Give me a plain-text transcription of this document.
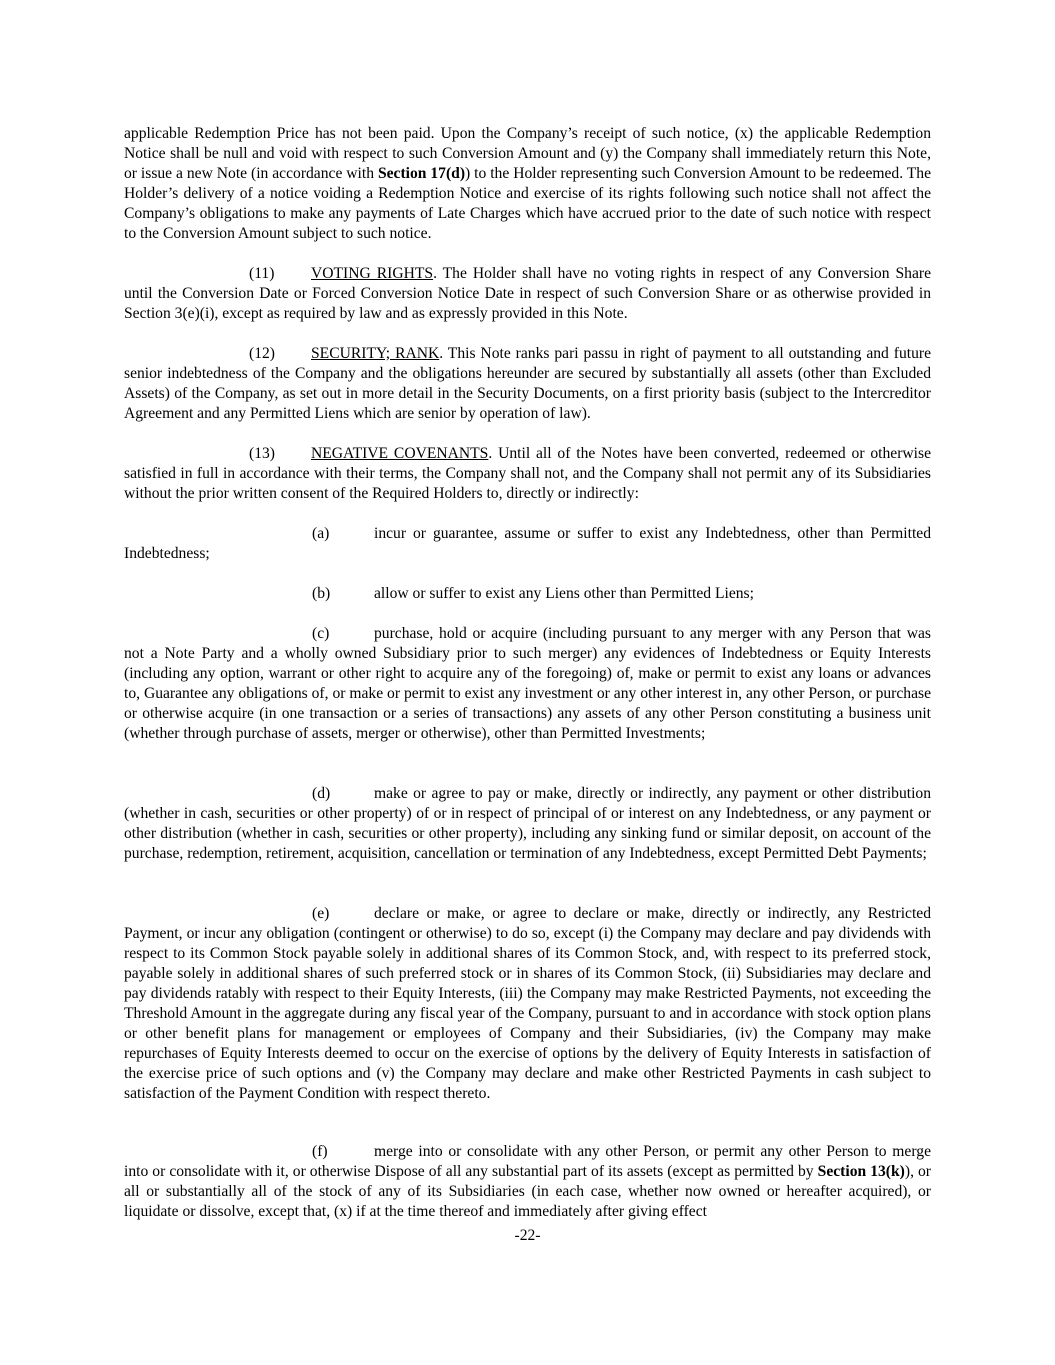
applicable Redemption Price has not been paid. Upon the Company’s receipt of such notice, (x) the applicable Redemption Notice shall be null and void with respect to such Conversion Amount and (y) the Company shall immediately return this Note, or issue a new Note (in accordance with Section 17(d)) to the Holder representing such Conversion Amount to be redeemed. The Holder’s delivery of a notice voiding a Redemption Notice and exercise of its rights following such notice shall not affect the Company’s obligations to make any payments of Late Charges which have accrued prior to the date of such notice with respect to the Conversion Amount subject to such notice.

(11) VOTING RIGHTS. The Holder shall have no voting rights in respect of any Conversion Share until the Conversion Date or Forced Conversion Notice Date in respect of such Conversion Share or as otherwise provided in Section 3(e)(i), except as required by law and as expressly provided in this Note.

(12) SECURITY; RANK. This Note ranks pari passu in right of payment to all outstanding and future senior indebtedness of the Company and the obligations hereunder are secured by substantially all assets (other than Excluded Assets) of the Company, as set out in more detail in the Security Documents, on a first priority basis (subject to the Intercreditor Agreement and any Permitted Liens which are senior by operation of law).

(13) NEGATIVE COVENANTS. Until all of the Notes have been converted, redeemed or otherwise satisfied in full in accordance with their terms, the Company shall not, and the Company shall not permit any of its Subsidiaries without the prior written consent of the Required Holders to, directly or indirectly:

(a)	incur or guarantee, assume or suffer to exist any Indebtedness, other than Permitted Indebtedness;

(b)	allow or suffer to exist any Liens other than Permitted Liens;

(c)	purchase, hold or acquire (including pursuant to any merger with any Person that was not a Note Party and a wholly owned Subsidiary prior to such merger) any evidences of Indebtedness or Equity Interests (including any option, warrant or other right to acquire any of the foregoing) of, make or permit to exist any loans or advances to, Guarantee any obligations of, or make or permit to exist any investment or any other interest in, any other Person, or purchase or otherwise acquire (in one transaction or a series of transactions) any assets of any other Person constituting a business unit (whether through purchase of assets, merger or otherwise), other than Permitted Investments;

(d)	make or agree to pay or make, directly or indirectly, any payment or other distribution (whether in cash, securities or other property) of or in respect of principal of or interest on any Indebtedness, or any payment or other distribution (whether in cash, securities or other property), including any sinking fund or similar deposit, on account of the purchase, redemption, retirement, acquisition, cancellation or termination of any Indebtedness, except Permitted Debt Payments;

(e)	declare or make, or agree to declare or make, directly or indirectly, any Restricted Payment, or incur any obligation (contingent or otherwise) to do so, except (i) the Company may declare and pay dividends with respect to its Common Stock payable solely in additional shares of its Common Stock, and, with respect to its preferred stock, payable solely in additional shares of such preferred stock or in shares of its Common Stock, (ii) Subsidiaries may declare and pay dividends ratably with respect to their Equity Interests, (iii) the Company may make Restricted Payments, not exceeding the Threshold Amount in the aggregate during any fiscal year of the Company, pursuant to and in accordance with stock option plans or other benefit plans for management or employees of Company and their Subsidiaries, (iv) the Company may make repurchases of Equity Interests deemed to occur on the exercise of options by the delivery of Equity Interests in satisfaction of the exercise price of such options and (v) the Company may declare and make other Restricted Payments in cash subject to satisfaction of the Payment Condition with respect thereto.

(f)	merge into or consolidate with any other Person, or permit any other Person to merge into or consolidate with it, or otherwise Dispose of all any substantial part of its assets (except as permitted by Section 13(k)), or all or substantially all of the stock of any of its Subsidiaries (in each case, whether now owned or hereafter acquired), or liquidate or dissolve, except that, (x) if at the time thereof and immediately after giving effect

-22-
